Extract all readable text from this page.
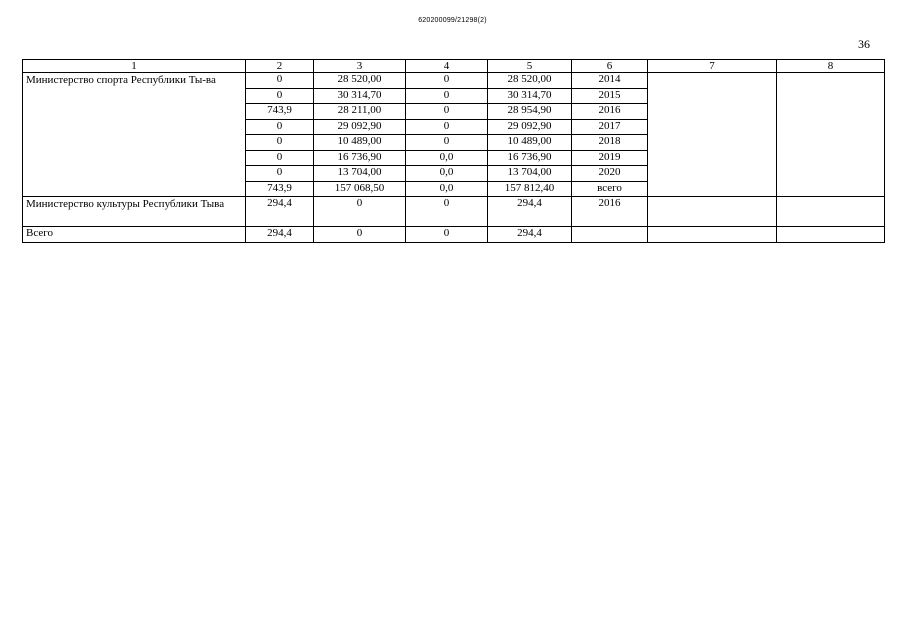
620200099/21298(2)
36
1	2	3	4	5	6	7	8
Министерство спорта Республики Ты-ва	0	28 520,00	0	28 520,00	2014		
	0	30 314,70	0	30 314,70	2015		
	743,9	28 211,00	0	28 954,90	2016		
	0	29 092,90	0	29 092,90	2017		
	0	10 489,00	0	10 489,00	2018		
	0	16 736,90	0,0	16 736,90	2019		
	0	13 704,00	0,0	13 704,00	2020		
	743,9	157 068,50	0,0	157 812,40	всего		
Министерство культуры Республики Тыва	294,4	0	0	294,4	2016		
Всего	294,4	0	0	294,4			
